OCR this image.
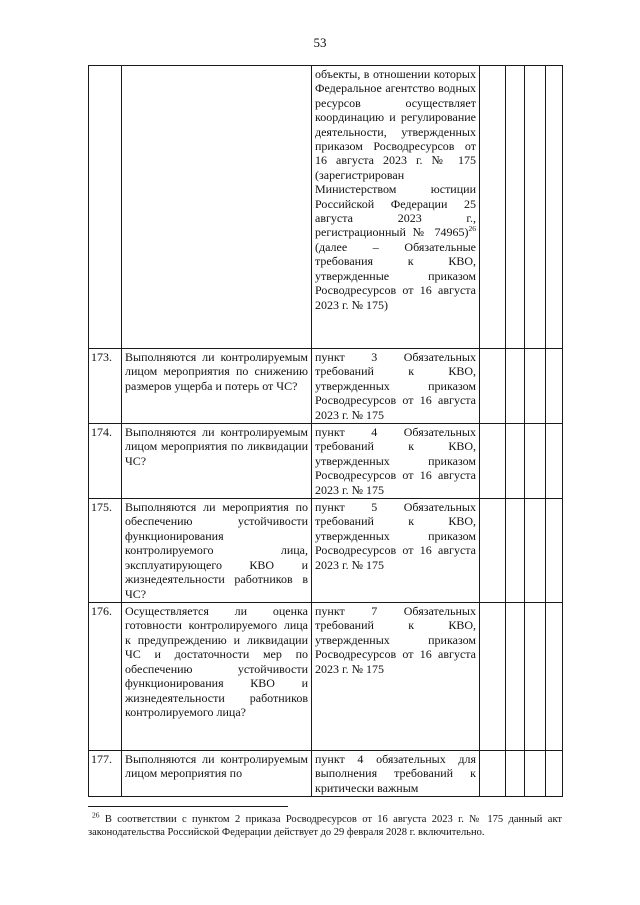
53
		объекты, в отношении которых Федеральное агентство водных ресурсов осуществляет координацию и регулирование деятельности, утвержденных приказом Росводресурсов от 16 августа 2023 г. № 175 (зарегистрирован Министерством юстиции Российской Федерации 25 августа 2023 г., регистрационный № 74965)$^{26}$ (далее – Обязательные требования к КВО, утвержденные приказом Росводресурсов от 16 августа 2023 г. № 175)				
173.	Выполняются ли контролируемым лицом мероприятия по снижению размеров ущерба и потерь от ЧС?	пункт 3 Обязательных требований к КВО, утвержденных приказом Росводресурсов от 16 августа 2023 г. № 175				
174.	Выполняются ли контролируемым лицом мероприятия по ликвидации ЧС?	пункт 4 Обязательных требований к КВО, утвержденных приказом Росводресурсов от 16 августа 2023 г. № 175				
175.	Выполняются ли мероприятия по обеспечению устойчивости функционирования контролируемого лица, эксплуатирующего КВО и жизнедеятельности работников в ЧС?	пункт 5 Обязательных требований к КВО, утвержденных приказом Росводресурсов от 16 августа 2023 г. № 175				
176.	Осуществляется ли оценка готовности контролируемого лица к предупреждению и ликвидации ЧС и достаточности мер по обеспечению устойчивости функционирования КВО и жизнедеятельности работников контролируемого лица?	пункт 7 Обязательных требований к КВО, утвержденных приказом Росводресурсов от 16 августа 2023 г. № 175				
177.	Выполняются ли контролируемым лицом мероприятия по	пункт 4 обязательных для выполнения требований к критически важным				
$^{26}$ В соответствии с пунктом 2 приказа Росводресурсов от 16 августа 2023 г. № 175 данный акт законодательства Российской Федерации действует до 29 февраля 2028 г. включительно.
